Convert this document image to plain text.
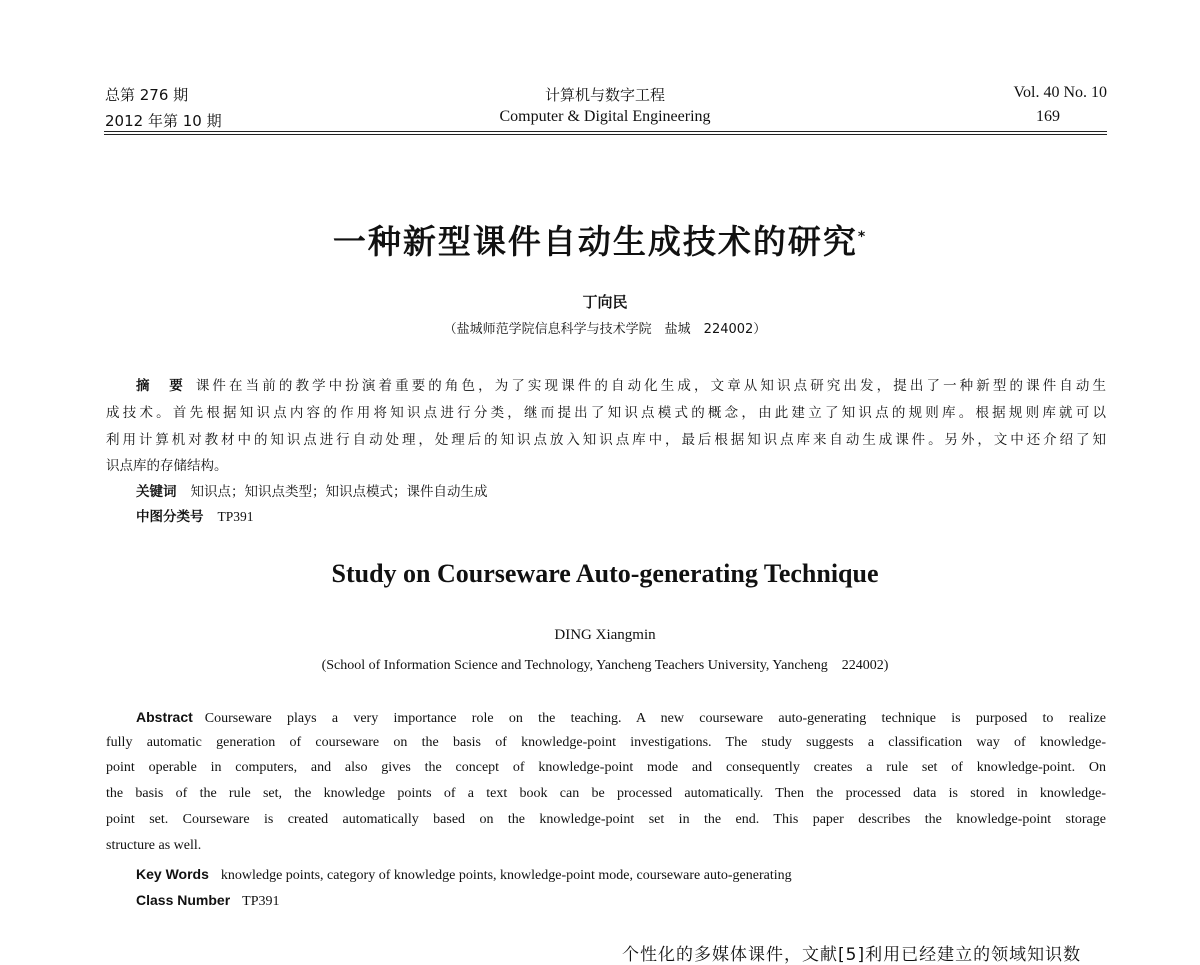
总第 276 期
2012 年第 10 期
计算机与数字工程
Computer & Digital Engineering
Vol. 40 No. 10
169
一种新型课件自动生成技术的研究*
丁向民
（盐城师范学院信息科学与技术学院　盐城　224002）
摘　要 课件在当前的教学中扮演着重要的角色，为了实现课件的自动化生成，文章从知识点研究出发，提出了一种新型的课件自动生
成技术。首先根据知识点内容的作用将知识点进行分类，继而提出了知识点模式的概念，由此建立了知识点的规则库。根据规则库就可以
利用计算机对教材中的知识点进行自动处理，处理后的知识点放入知识点库中，最后根据知识点库来自动生成课件。另外，文中还介绍了知
识点库的存储结构。
关键词 知识点；知识点类型；知识点模式；课件自动生成
中图分类号 TP391
Study on Courseware Auto-generating Technique
DING Xiangmin
(School of Information Science and Technology, Yancheng Teachers University, Yancheng　224002)
Abstract Courseware plays a very importance role on the teaching. A new courseware auto-generating technique is purposed to realize
fully automatic generation of courseware on the basis of knowledge-point investigations. The study suggests a classification way of knowledge-
point operable in computers, and also gives the concept of knowledge-point mode and consequently creates a rule set of knowledge-point. On
the basis of the rule set, the knowledge points of a text book can be processed automatically. Then the processed data is stored in knowledge-
point set. Courseware is created automatically based on the knowledge-point set in the end. This paper describes the knowledge-point storage
structure as well.
Key Words knowledge points, category of knowledge points, knowledge-point mode, courseware auto-generating
Class Number TP391
个性化的多媒体课件，文献[5]利用已经建立的领域知识数
